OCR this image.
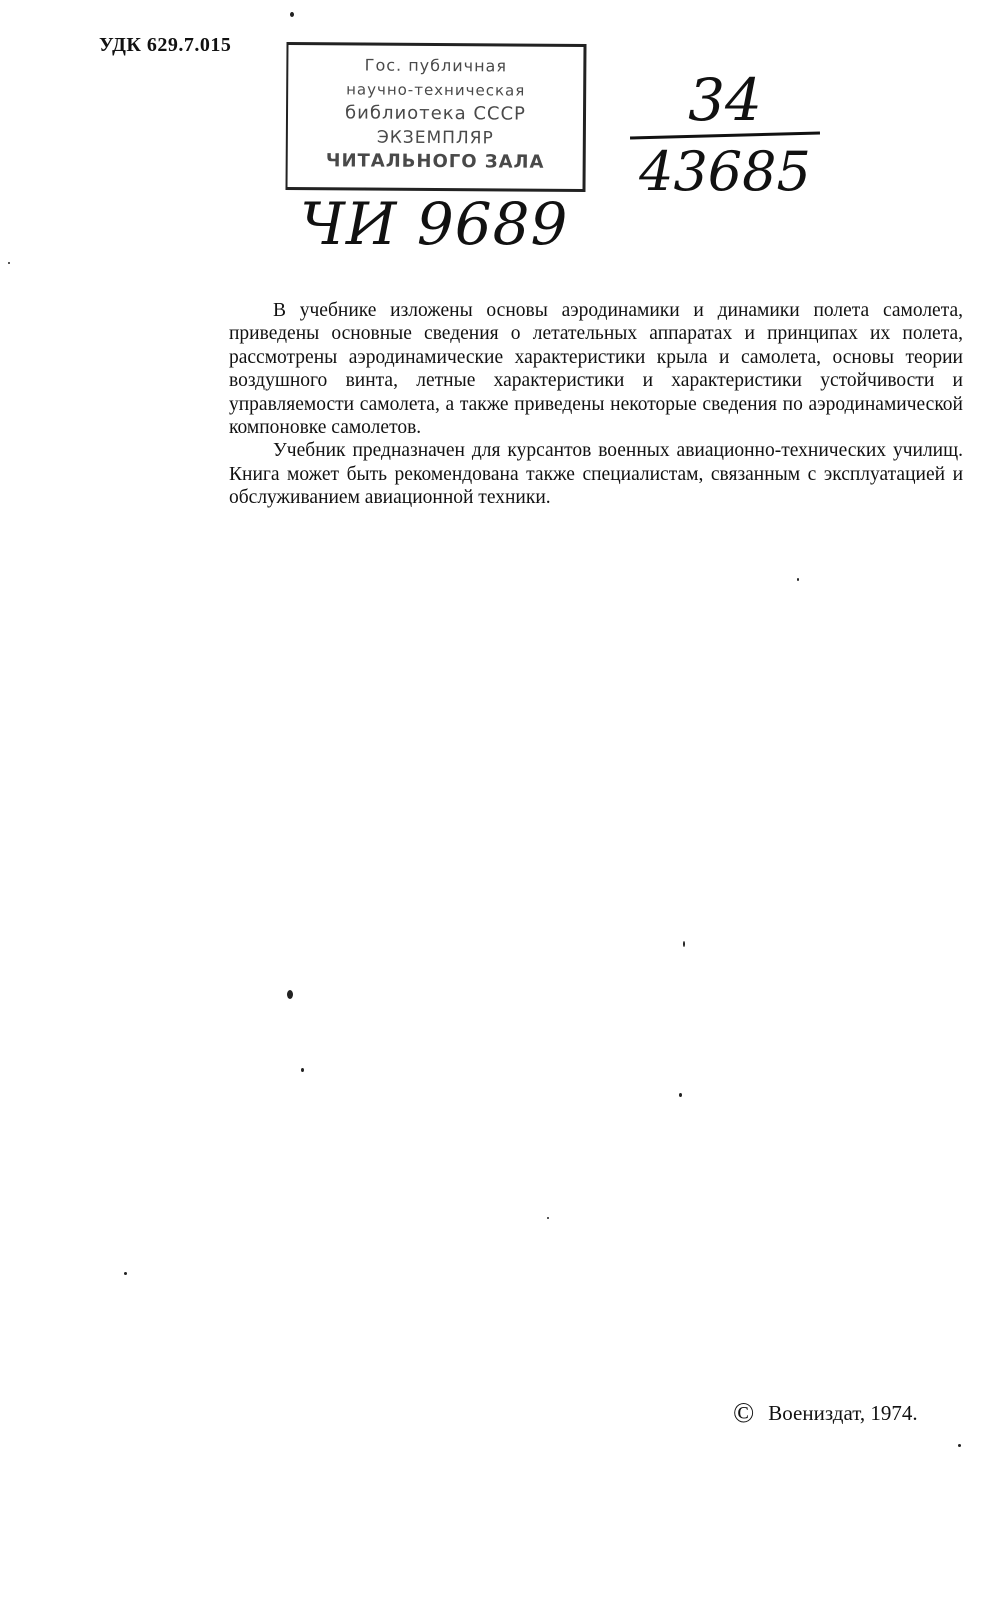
УДК 629.7.015
Гос. публичная
научно-техническая
библиотека СССР
ЭКЗЕМПЛЯР
ЧИТАЛЬНОГО ЗАЛА
ЧИ 9689
34
43685

В учебнике изложены основы аэродинамики и динамики полета самолета, приведены основные сведения о летательных аппаратах и принципах их полета, рассмотрены аэродинамические характеристики крыла и самолета, основы теории воздушного винта, летные характеристики и характеристики устойчивости и управляемости самолета, а также приведены некоторые сведения по аэродинамической компоновке самолетов.

Учебник предназначен для курсантов военных авиационно-технических училищ. Книга может быть рекомендована также специалистам, связанным с эксплуатацией и обслуживанием авиационной техники.

© Воениздат, 1974.
